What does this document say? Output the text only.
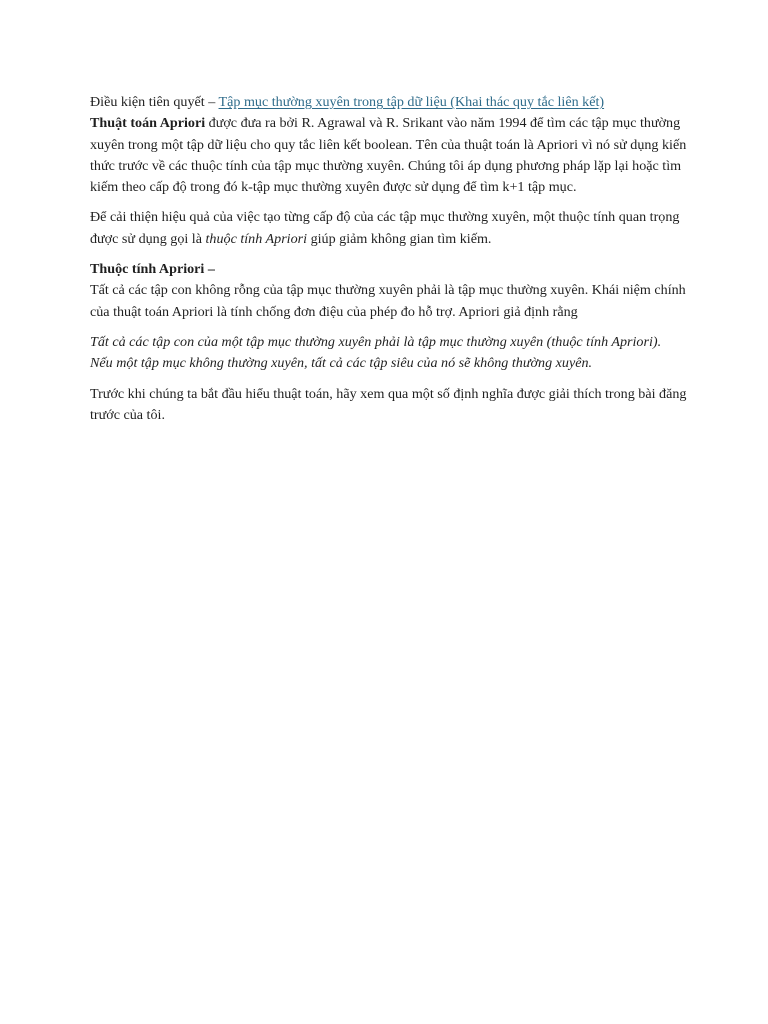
Điều kiện tiên quyết – Tập mục thường xuyên trong tập dữ liệu (Khai thác quy tắc liên kết)

Thuật toán Apriori được đưa ra bởi R. Agrawal và R. Srikant vào năm 1994 để tìm các tập mục thường xuyên trong một tập dữ liệu cho quy tắc liên kết boolean. Tên của thuật toán là Apriori vì nó sử dụng kiến thức trước về các thuộc tính của tập mục thường xuyên. Chúng tôi áp dụng phương pháp lặp lại hoặc tìm kiếm theo cấp độ trong đó k-tập mục thường xuyên được sử dụng để tìm k+1 tập mục.

Để cải thiện hiệu quả của việc tạo từng cấp độ của các tập mục thường xuyên, một thuộc tính quan trọng được sử dụng gọi là thuộc tính Apriori giúp giảm không gian tìm kiếm.

Thuộc tính Apriori –

Tất cả các tập con không rỗng của tập mục thường xuyên phải là tập mục thường xuyên. Khái niệm chính của thuật toán Apriori là tính chống đơn điệu của phép đo hỗ trợ. Apriori giả định rằng

Tất cả các tập con của một tập mục thường xuyên phải là tập mục thường xuyên (thuộc tính Apriori).

Nếu một tập mục không thường xuyên, tất cả các tập siêu của nó sẽ không thường xuyên.

Trước khi chúng ta bắt đầu hiểu thuật toán, hãy xem qua một số định nghĩa được giải thích trong bài đăng trước của tôi.
